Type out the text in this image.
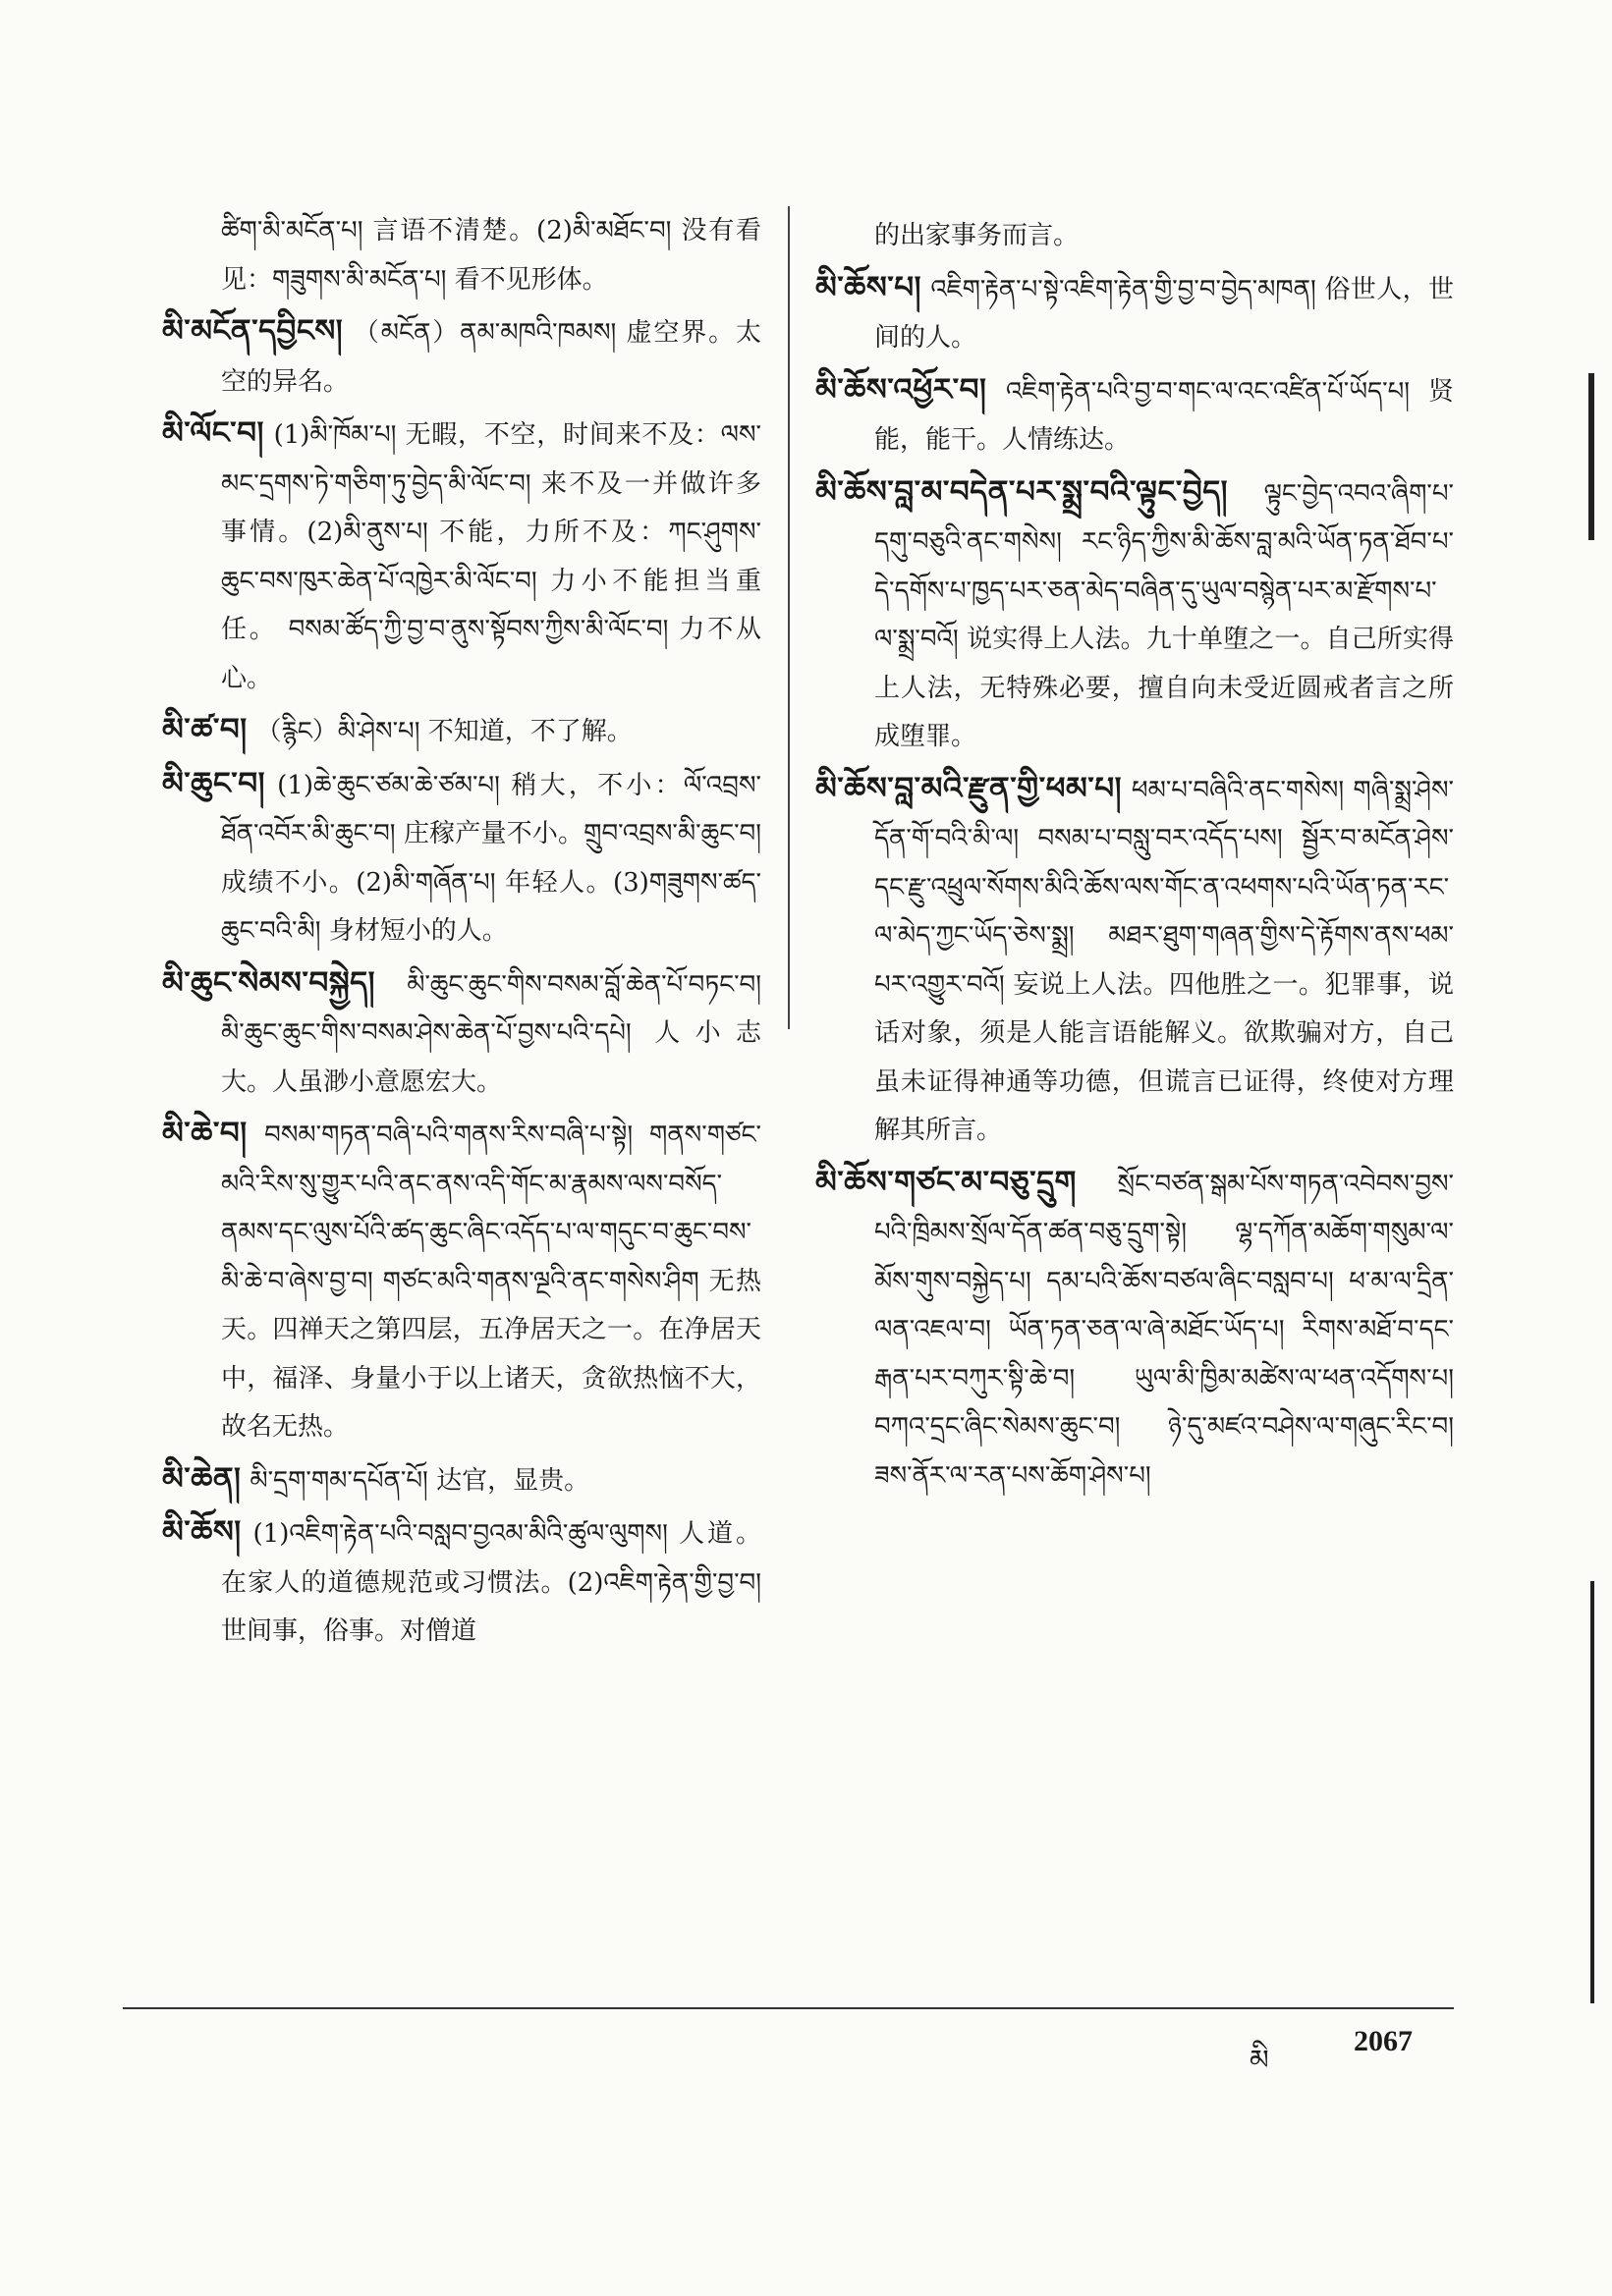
ཚིག་མི་མངོན་པ། 言语不清楚。(2)མི་མཐོང་བ། 没有看见：གཟུགས་མི་མངོན་པ། 看不见形体。

མི་མངོན་དབྱིངས། （མངོན）ནམ་མཁའི་ཁམས། 虚空界。太空的异名。

མི་ལོང་བ། (1)མི་ཁོམ་པ། 无暇，不空，时间来不及：ལས་མང་དྲགས་ཏེ་གཅིག་ཏུ་བྱེད་མི་ལོང་བ། 来不及一并做许多事情。(2)མི་ནུས་པ། 不能，力所不及：ཀང་ཤུགས་ཆུང་བས་ཁུར་ཆེན་པོ་འཁྱེར་མི་ལོང་བ། 力小不能担当重任。 བསམ་ཚོད་ཀྱི་བྱ་བ་ནུས་སྟོབས་ཀྱིས་མི་ལོང་བ། 力不从心。

མི་ཚ་བ། （རྙིང）མི་ཤེས་པ། 不知道，不了解。

མི་ཆུང་བ། (1)ཆེ་ཆུང་ཙམ་ཆེ་ཙམ་པ། 稍大，不小：ལོ་འབྲས་ཐོན་འབོར་མི་ཆུང་བ། 庄稼产量不小。གྲུབ་འབྲས་མི་ཆུང་བ། 成绩不小。(2)མི་གཞོན་པ། 年轻人。(3)གཟུགས་ཚད་ཆུང་བའི་མི། 身材短小的人。

མི་ཆུང་སེམས་བསྐྱེད། མི་ཆུང་ཆུང་གིས་བསམ་བློ་ཆེན་པོ་བཏང་བ། མི་ཆུང་ཆུང་གིས་བསམ་ཤེས་ཆེན་པོ་བྱས་པའི་དཔེ། 人小志大。人虽渺小意愿宏大。

མི་ཆེ་བ། བསམ་གཏན་བཞི་པའི་གནས་རིས་བཞི་པ་སྟེ། གནས་གཙང་མའི་རིས་སུ་གྱུར་པའི་ནང་ནས་འདི་གོང་མ་རྣམས་ལས་བསོད་ནམས་དང་ལུས་པོའི་ཚད་ཆུང་ཞིང་འདོད་པ་ལ་གདུང་བ་ཆུང་བས་མི་ཆེ་བ་ཞེས་བྱ་བ། གཙང་མའི་གནས་ལྔའི་ནང་གསེས་ཤིག 无热天。四禅天之第四层，五净居天之一。在净居天中，福泽、身量小于以上诸天，贪欲热恼不大，故名无热。

མི་ཆེན། མི་དྲག་གམ་དཔོན་པོ། 达官，显贵。

མི་ཆོས། (1)འཇིག་རྟེན་པའི་བསླབ་བྱའམ་མིའི་ཚུལ་ལུགས། 人道。在家人的道德规范或习惯法。(2)འཇིག་རྟེན་གྱི་བྱ་བ། 世间事，俗事。对僧道

的出家事务而言。

མི་ཆོས་པ། འཇིག་རྟེན་པ་སྟེ་འཇིག་རྟེན་གྱི་བྱ་བ་བྱེད་མཁན། 俗世人，世间的人。

མི་ཆོས་འཕྱོར་བ། འཇིག་རྟེན་པའི་བྱ་བ་གང་ལ་འང་འཛིན་པོ་ཡོད་པ། 贤能，能干。人情练达。

མི་ཆོས་བླ་མ་བདེན་པར་སྨྲ་བའི་ལྟུང་བྱེད། ལྟུང་བྱེད་འབའ་ཞིག་པ་དགུ་བཅུའི་ནང་གསེས། རང་ཉིད་ཀྱིས་མི་ཆོས་བླ་མའི་ཡོན་ཏན་ཐོབ་པ་དེ་དགོས་པ་ཁྱད་པར་ཅན་མེད་བཞིན་དུ་ཡུལ་བསྙེན་པར་མ་རྫོགས་པ་ལ་སྨྲ་བའོ། 说实得上人法。九十单堕之一。自己所实得上人法，无特殊必要，擅自向未受近圆戒者言之所成堕罪。

མི་ཆོས་བླ་མའི་རྫུན་གྱི་ཕམ་པ། ཕམ་པ་བཞིའི་ནང་གསེས། གཞི་སྨྲ་ཤེས་དོན་གོ་བའི་མི་ལ། བསམ་པ་བསླུ་བར་འདོད་པས། སྦྱོར་བ་མངོན་ཤེས་དང་རྫུ་འཕྲུལ་སོགས་མིའི་ཆོས་ལས་གོང་ན་འཕགས་པའི་ཡོན་ཏན་རང་ལ་མེད་ཀྱང་ཡོད་ཅེས་སྨྲ། མཐར་ཐུག་གཞན་གྱིས་དེ་རྟོགས་ནས་ཕམ་པར་འགྱུར་བའོ། 妄说上人法。四他胜之一。犯罪事，说话对象，须是人能言语能解义。欲欺骗对方，自己虽未证得神通等功德，但谎言已证得，终使对方理解其所言。

མི་ཆོས་གཙང་མ་བཅུ་དྲུག སྲོང་བཙན་སྒམ་པོས་གཏན་འབེབས་བྱས་པའི་ཁྲིམས་སྲོལ་དོན་ཚན་བཅུ་དྲུག་སྟེ། ལྷ་དཀོན་མཆོག་གསུམ་ལ་མོས་གུས་བསྐྱེད་པ། དམ་པའི་ཆོས་བཙལ་ཞིང་བསླབ་པ། ཕ་མ་ལ་དྲིན་ལན་འཇལ་བ། ཡོན་ཏན་ཅན་ལ་ཞེ་མཐོང་ཡོད་པ། རིགས་མཐོ་བ་དང་རྒན་པར་བཀུར་སྟི་ཆེ་བ། ཡུལ་མི་ཁྱིམ་མཚེས་ལ་ཕན་འདོགས་པ། བཀའ་དྲང་ཞིང་སེམས་ཆུང་བ། ཉེ་དུ་མཛའ་བཤེས་ལ་གཞུང་རིང་བ། ཟས་ནོར་ལ་རན་པས་ཆོག་ཤེས་པ།

མི
2067
